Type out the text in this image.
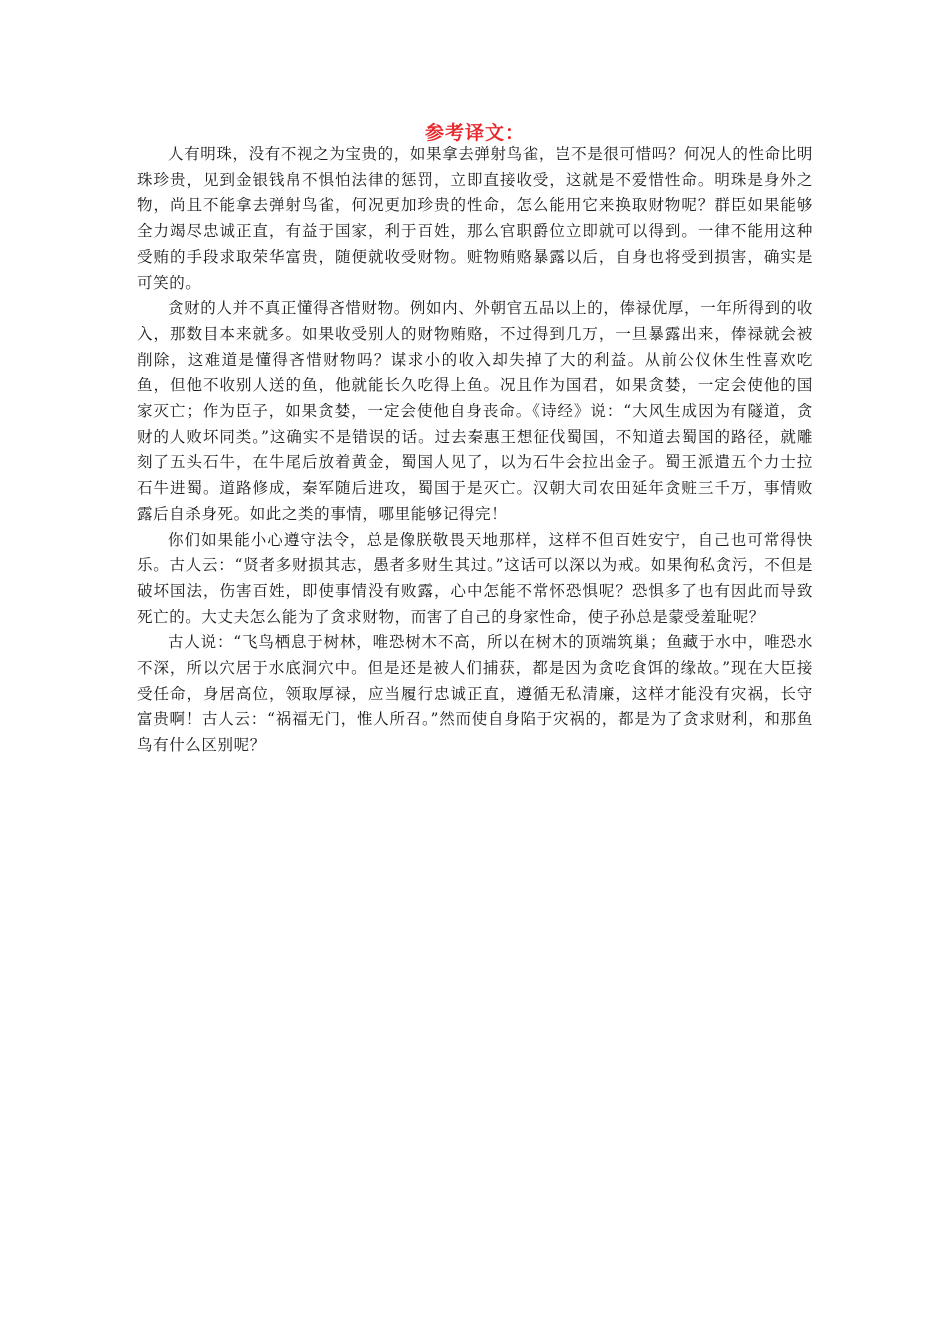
参考译文：

人有明珠，没有不视之为宝贵的，如果拿去弹射鸟雀，岂不是很可惜吗？何况人的性命比明珠珍贵，见到金银钱帛不惧怕法律的惩罚，立即直接收受，这就是不爱惜性命。明珠是身外之物，尚且不能拿去弹射鸟雀，何况更加珍贵的性命，怎么能用它来换取财物呢？群臣如果能够全力竭尽忠诚正直，有益于国家，利于百姓，那么官职爵位立即就可以得到。一律不能用这种受贿的手段求取荣华富贵，随便就收受财物。赃物贿赂暴露以后，自身也将受到损害，确实是可笑的。

贪财的人并不真正懂得吝惜财物。例如内、外朝官五品以上的，俸禄优厚，一年所得到的收入，那数目本来就多。如果收受别人的财物贿赂，不过得到几万，一旦暴露出来，俸禄就会被削除，这难道是懂得吝惜财物吗？谋求小的收入却失掉了大的利益。从前公仪休生性喜欢吃鱼，但他不收别人送的鱼，他就能长久吃得上鱼。况且作为国君，如果贪婪，一定会使他的国家灭亡；作为臣子，如果贪婪，一定会使他自身丧命。《诗经》说：“大风生成因为有隧道，贪财的人败坏同类。”这确实不是错误的话。过去秦惠王想征伐蜀国，不知道去蜀国的路径，就雕刻了五头石牛，在牛尾后放着黄金，蜀国人见了，以为石牛会拉出金子。蜀王派遣五个力士拉石牛进蜀。道路修成，秦军随后进攻，蜀国于是灭亡。汉朝大司农田延年贪赃三千万，事情败露后自杀身死。如此之类的事情，哪里能够记得完！

你们如果能小心遵守法令，总是像朕敬畏天地那样，这样不但百姓安宁，自己也可常得快乐。古人云：“贤者多财损其志，愚者多财生其过。”这话可以深以为戒。如果徇私贪污，不但是破坏国法，伤害百姓，即使事情没有败露，心中怎能不常怀恐惧呢？恐惧多了也有因此而导致死亡的。大丈夫怎么能为了贪求财物，而害了自己的身家性命，使子孙总是蒙受羞耻呢？

古人说：“飞鸟栖息于树林，唯恐树木不高，所以在树木的顶端筑巢；鱼藏于水中，唯恐水不深，所以穴居于水底洞穴中。但是还是被人们捕获，都是因为贪吃食饵的缘故。”现在大臣接受任命，身居高位，领取厚禄，应当履行忠诚正直，遵循无私清廉，这样才能没有灾祸，长守富贵啊！古人云：“祸福无门，惟人所召。”然而使自身陷于灾祸的，都是为了贪求财利，和那鱼鸟有什么区别呢？
